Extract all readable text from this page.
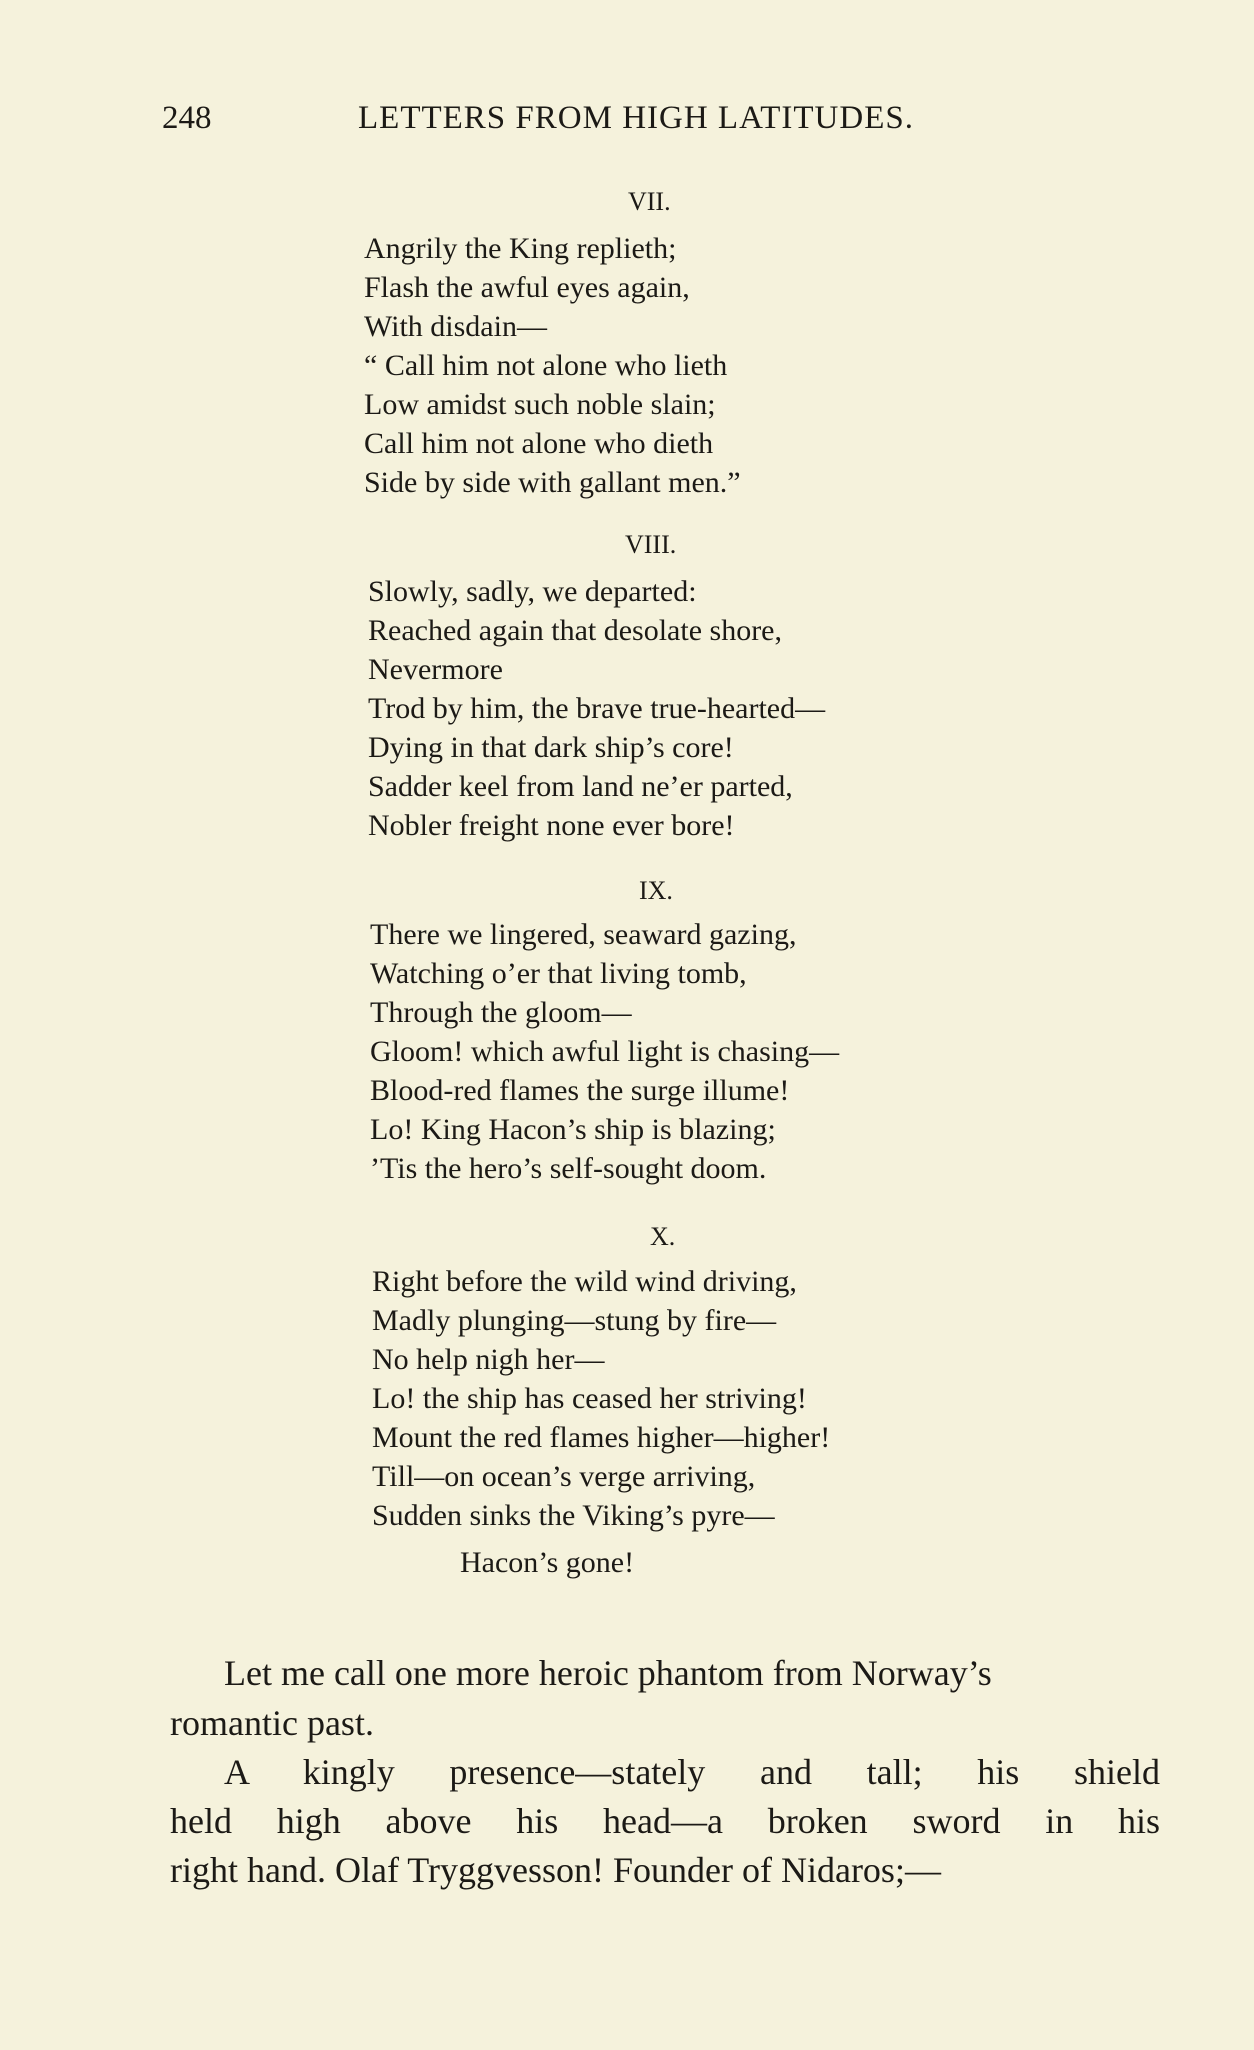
248	LETTERS FROM HIGH LATITUDES.
VII.
Angrily the King replieth;
Flash the awful eyes again,
With disdain—
“ Call him not alone who lieth
Low amidst such noble slain;
Call him not alone who dieth
Side by side with gallant men.”
VIII.
Slowly, sadly, we departed:
Reached again that desolate shore,
Nevermore
Trod by him, the brave true-hearted—
Dying in that dark ship’s core!
Sadder keel from land ne’er parted,
Nobler freight none ever bore!
IX.
There we lingered, seaward gazing,
Watching o’er that living tomb,
Through the gloom—
Gloom! which awful light is chasing—
Blood-red flames the surge illume!
Lo! King Hacon’s ship is blazing;
’Tis the hero’s self-sought doom.
X.
Right before the wild wind driving,
Madly plunging—stung by fire—
No help nigh her—
Lo! the ship has ceased her striving!
Mount the red flames higher—higher!
Till—on ocean’s verge arriving,
Sudden sinks the Viking’s pyre—
Hacon’s gone!
Let me call one more heroic phantom from Norway’s
romantic past.
A kingly presence—stately and tall; his shield
held high above his head—a broken sword in his
right hand. Olaf Tryggvesson! Founder of Nidaros;—
